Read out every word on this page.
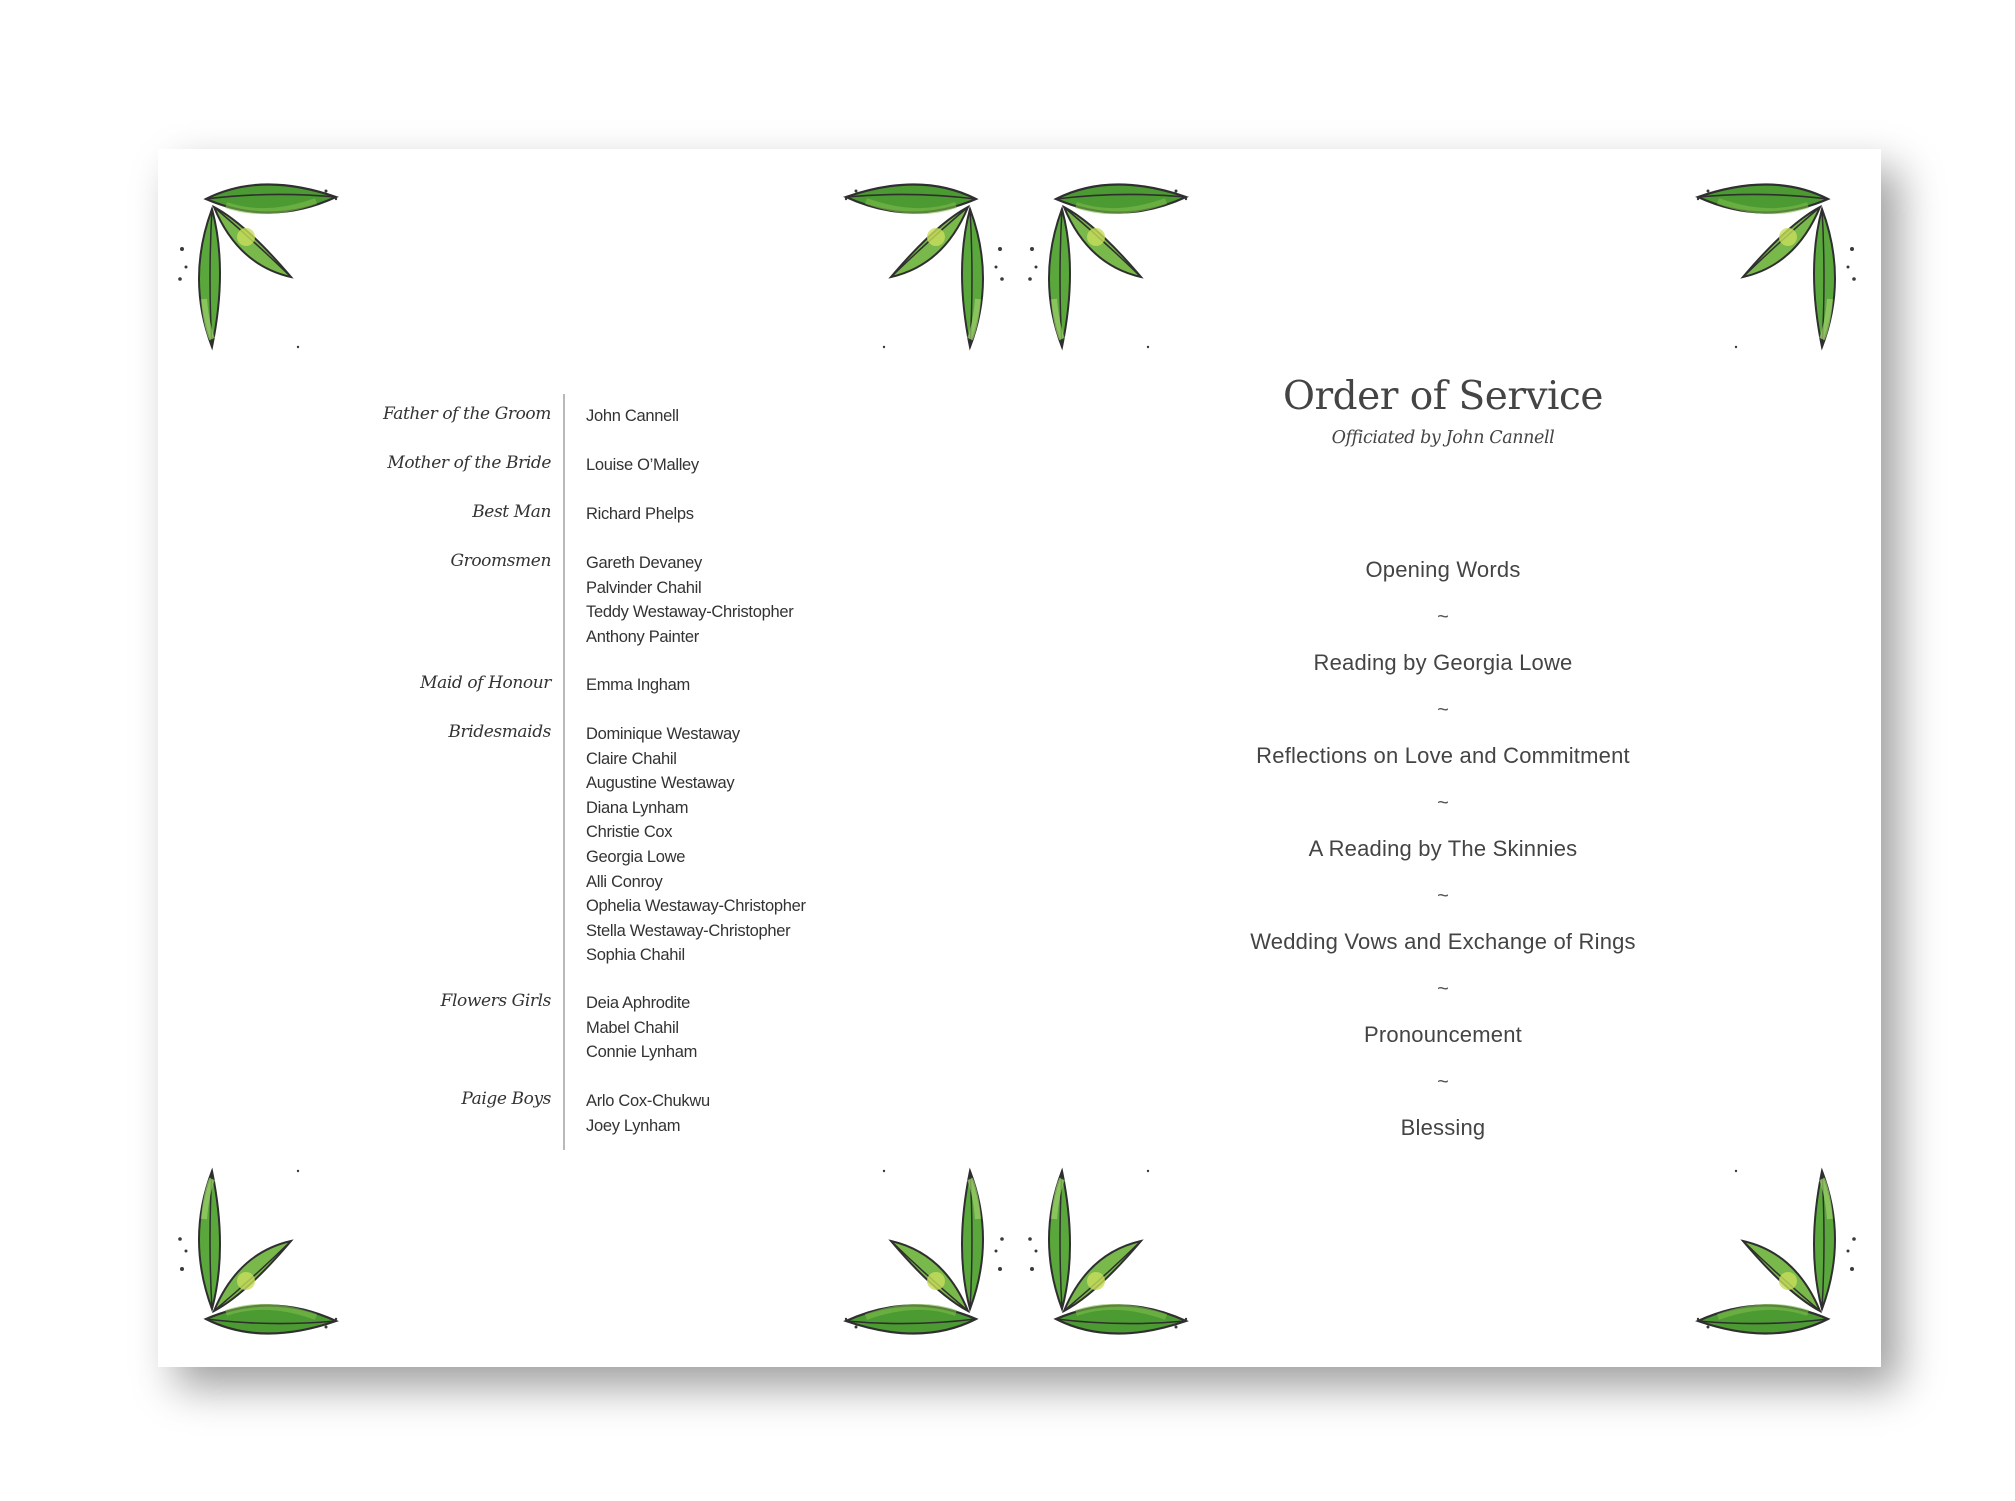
Father of the Groom John Cannell
Mother of the Bride Louise O’Malley
Best Man Richard Phelps
Groomsmen Gareth Devaney
Palvinder Chahil
Teddy Westaway-Christopher
Anthony Painter
Maid of Honour Emma Ingham
Bridesmaids Dominique Westaway
Claire Chahil
Augustine Westaway
Diana Lynham
Christie Cox
Georgia Lowe
Alli Conroy
Ophelia Westaway-Christopher
Stella Westaway-Christopher
Sophia Chahil
Flowers Girls Deia Aphrodite
Mabel Chahil
Connie Lynham
Paige Boys Arlo Cox-Chukwu
Joey Lynham
Order of Service
Officiated by John Cannell
Opening Words
~
Reading by Georgia Lowe
~
Reflections on Love and Commitment
~
A Reading by The Skinnies
~
Wedding Vows and Exchange of Rings
~
Pronouncement
~
Blessing
